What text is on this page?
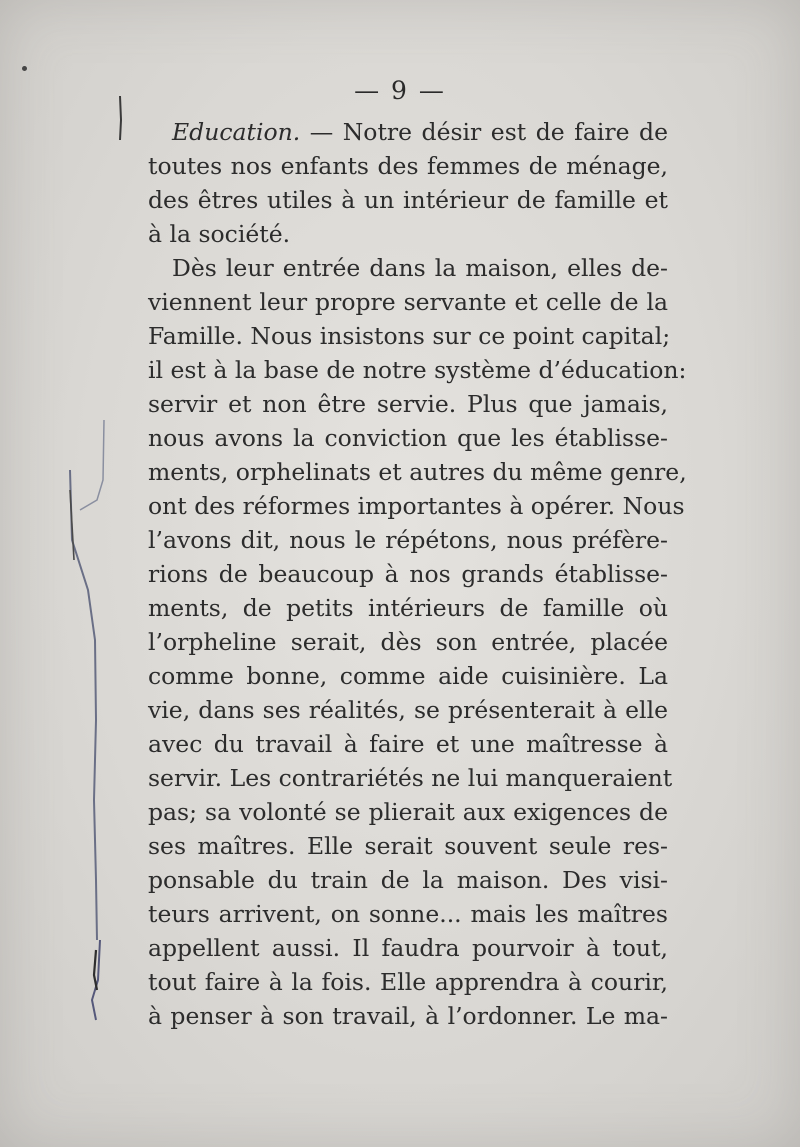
— 9 —
Education. — Notre désir est de faire de
toutes nos enfants des femmes de ménage,
des êtres utiles à un intérieur de famille et
à la société.
Dès leur entrée dans la maison, elles de-
viennent leur propre servante et celle de la
Famille. Nous insistons sur ce point capital;
il est à la base de notre système d’éducation:
servir et non être servie. Plus que jamais,
nous avons la conviction que les établisse-
ments, orphelinats et autres du même genre,
ont des réformes importantes à opérer. Nous
l’avons dit, nous le répétons, nous préfère-
rions de beaucoup à nos grands établisse-
ments, de petits intérieurs de famille où
l’orpheline serait, dès son entrée, placée
comme bonne, comme aide cuisinière. La
vie, dans ses réalités, se présenterait à elle
avec du travail à faire et une maîtresse à
servir. Les contrariétés ne lui manqueraient
pas; sa volonté se plierait aux exigences de
ses maîtres. Elle serait souvent seule res-
ponsable du train de la maison. Des visi-
teurs arrivent, on sonne... mais les maîtres
appellent aussi. Il faudra pourvoir à tout,
tout faire à la fois. Elle apprendra à courir,
à penser à son travail, à l’ordonner. Le ma-
